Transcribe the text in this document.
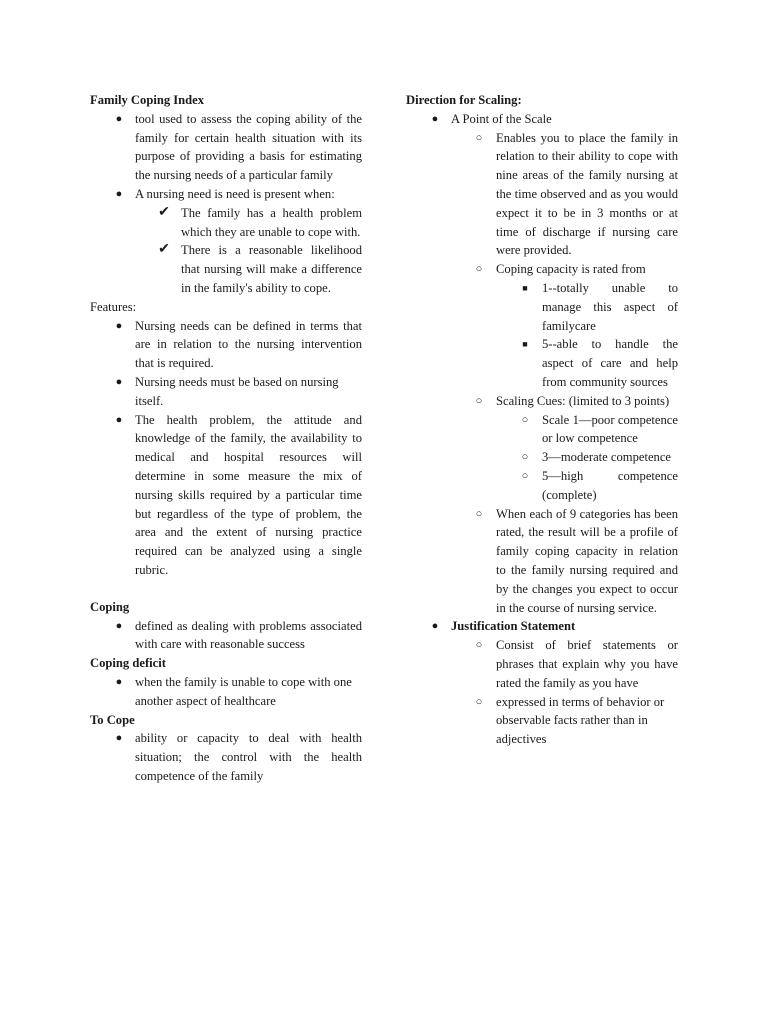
Family Coping Index

● tool used to assess the coping ability of the family for certain health situation with its purpose of providing a basis for estimating the nursing needs of a particular family
● A nursing need is need is present when:
✔ The family has a health problem which they are unable to cope with.
✔ There is a reasonable likelihood that nursing will make a difference in the family's ability to cope.

Features:

● Nursing needs can be defined in terms that are in relation to the nursing intervention that is required.
● Nursing needs must be based on nursing itself.
● The health problem, the attitude and knowledge of the family, the availability to medical and hospital resources will determine in some measure the mix of nursing skills required by a particular time but regardless of the type of problem, the area and the extent of nursing practice required can be analyzed using a single rubric.

Coping

● defined as dealing with problems associated with care with reasonable success

Coping deficit

● when the family is unable to cope with one another aspect of healthcare

To Cope

● ability or capacity to deal with health situation; the control with the health competence of the family

Direction for Scaling:

● A Point of the Scale
○ Enables you to place the family in relation to their ability to cope with nine areas of the family nursing at the time observed and as you would expect it to be in 3 months or at time of discharge if nursing care were provided.
○ Coping capacity is rated from
■	1--totally unable to manage this aspect of familycare
■	5--able to handle the aspect of care and help from community sources
○ Scaling Cues: (limited to 3 points)
○ Scale 1—poor competence or low competence
○ 3—moderate competence
○ 5—high competence (complete)
○ When each of 9 categories has been rated, the result will be a profile of family coping capacity in relation to the family nursing required and by the changes you expect to occur in the course of nursing service.
● Justification Statement
○ Consist of brief statements or phrases that explain why you have rated the family as you have
○ expressed in terms of behavior or observable facts rather than in adjectives
